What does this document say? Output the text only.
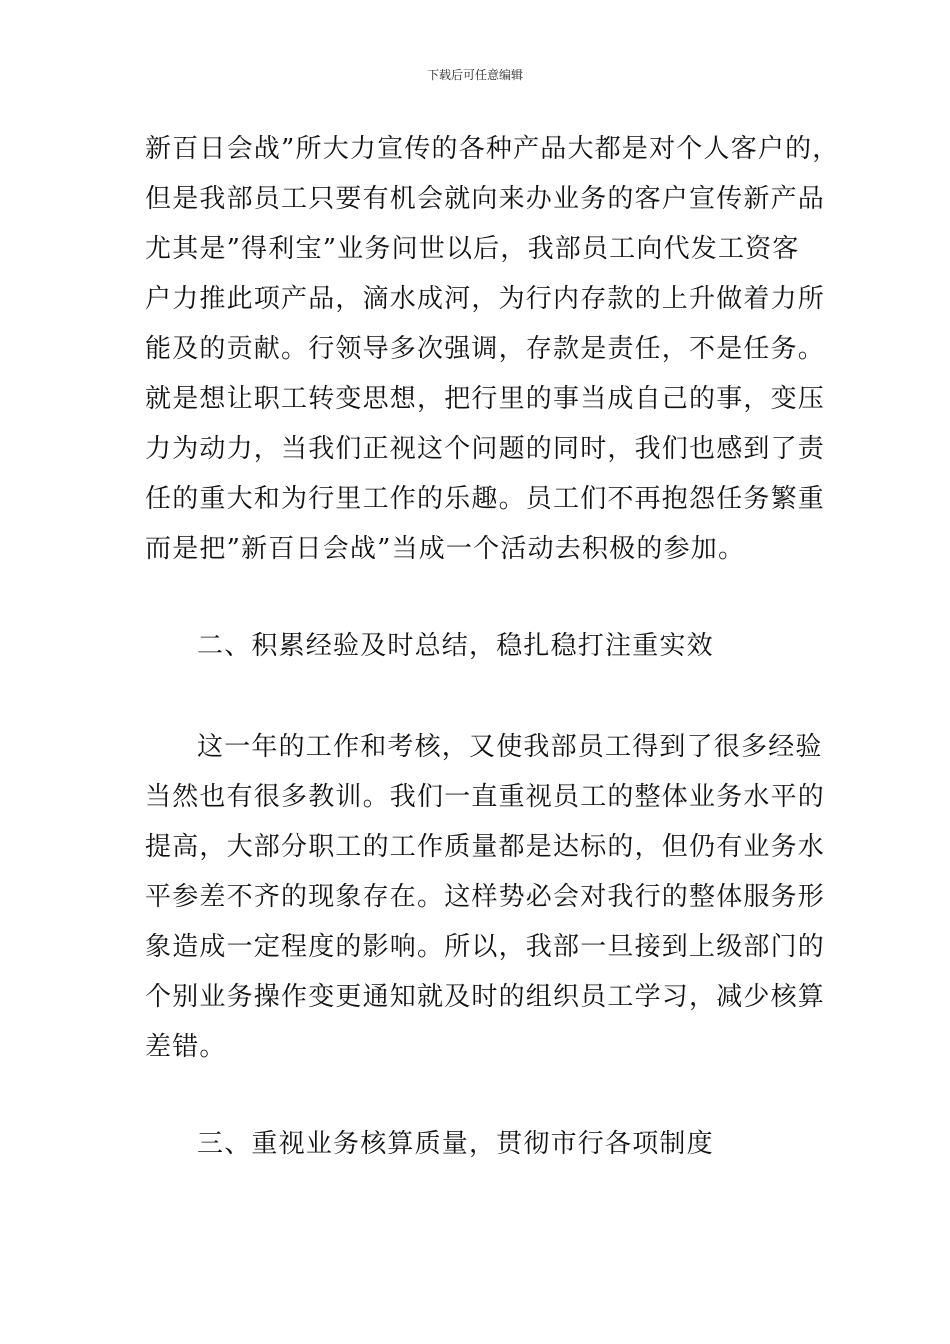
下载后可任意编辑
新百日会战”所大力宣传的各种产品大都是对个人客户的，
但是我部员工只要有机会就向来办业务的客户宣传新产品
尤其是”得利宝”业务问世以后，我部员工向代发工资客
户力推此项产品，滴水成河，为行内存款的上升做着力所
能及的贡献。行领导多次强调，存款是责任，不是任务。
就是想让职工转变思想，把行里的事当成自己的事，变压
力为动力，当我们正视这个问题的同时，我们也感到了责
任的重大和为行里工作的乐趣。员工们不再抱怨任务繁重
而是把”新百日会战”当成一个活动去积极的参加。
二、积累经验及时总结，稳扎稳打注重实效
这一年的工作和考核，又使我部员工得到了很多经验
当然也有很多教训。我们一直重视员工的整体业务水平的
提高，大部分职工的工作质量都是达标的，但仍有业务水
平参差不齐的现象存在。这样势必会对我行的整体服务形
象造成一定程度的影响。所以，我部一旦接到上级部门的
个别业务操作变更通知就及时的组织员工学习，减少核算
差错。
三、重视业务核算质量，贯彻市行各项制度
